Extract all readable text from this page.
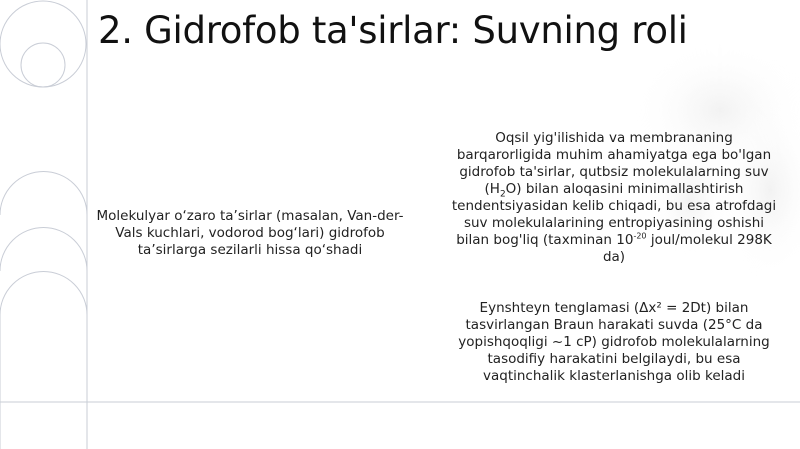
2. Gidrofob ta'sirlar: Suvning roli
Molekulyar o‘zaro ta’sirlar (masalan, Van-der-Vals kuchlari, vodorod bog‘lari) gidrofob ta’sirlarga sezilarli hissa qo‘shadi

Oqsil yig'ilishida va membrananing barqarorligida muhim ahamiyatga ega bo'lgan gidrofob ta'sirlar, qutbsiz molekulalarning suv $(H_2O)$ bilan aloqasini minimallashtirish tendentsiyasidan kelib chiqadi, bu esa atrofdagi suv molekulalarining entropiyasining oshishi bilan bog'liq (taxminan $10^{-20}$ joul/molekul 298K da)

Eynshteyn tenglamasi (Δx² = 2Dt) bilan tasvirlangan Braun harakati suvda (25°C da yopishqoqligi ~1 cP) gidrofob molekulalarning tasodifiy harakatini belgilaydi, bu esa vaqtinchalik klasterlanishga olib keladi
